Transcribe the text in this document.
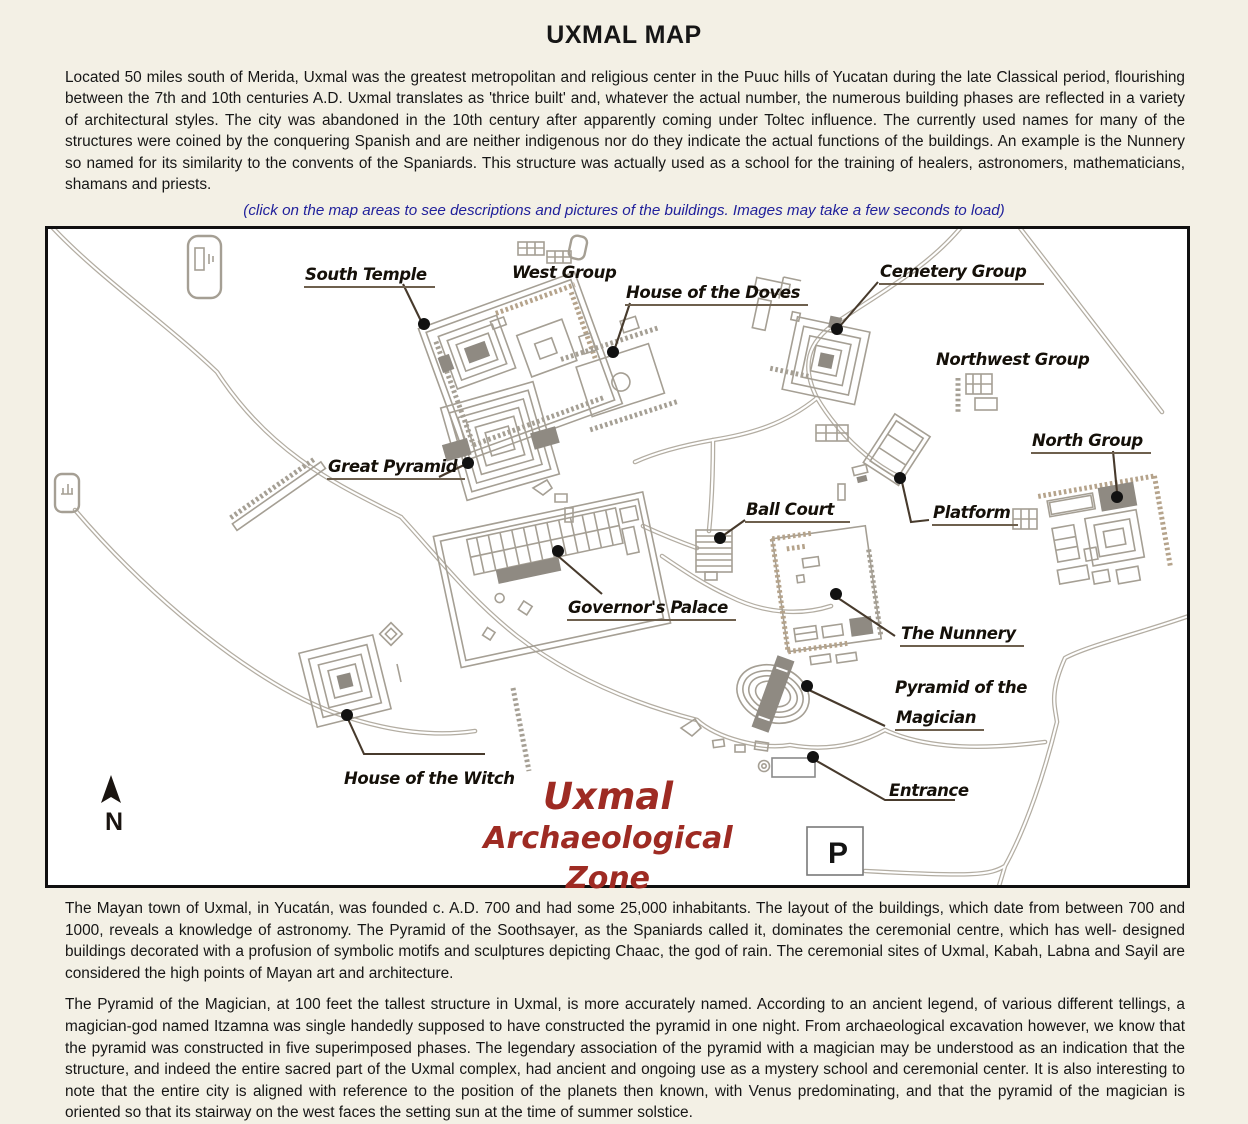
UXMAL MAP

Located 50 miles south of Merida, Uxmal was the greatest metropolitan and religious center in the Puuc hills of Yucatan during the late Classical period, flourishing between the 7th and 10th centuries A.D. Uxmal translates as 'thrice built' and, whatever the actual number, the numerous building phases are reflected in a variety of architectural styles. The city was abandoned in the 10th century after apparently coming under Toltec influence. The currently used names for many of the structures were coined by the conquering Spanish and are neither indigenous nor do they indicate the actual functions of the buildings. An example is the Nunnery so named for its similarity to the convents of the Spaniards. This structure was actually used as a school for the training of healers, astronomers, mathematicians, shamans and priests.

(click on the map areas to see descriptions and pictures of the buildings. Images may take a few seconds to load)
South Temple	West Group
House of the Doves
Cemetery Group
Northwest Group
North Group
Great Pyramid
Ball Court	Platform
Governor's Palace
The Nunnery
Pyramid of the
Magician
House of the Witch
Entrance
Uxmal
Archaeological Zone
P
N

The Mayan town of Uxmal, in Yucatán, was founded c. A.D. 700 and had some 25,000 inhabitants. The layout of the buildings, which date from between 700 and 1000, reveals a knowledge of astronomy. The Pyramid of the Soothsayer, as the Spaniards called it, dominates the ceremonial centre, which has well- designed buildings decorated with a profusion of symbolic motifs and sculptures depicting Chaac, the god of rain. The ceremonial sites of Uxmal, Kabah, Labna and Sayil are considered the high points of Mayan art and architecture.

The Pyramid of the Magician, at 100 feet the tallest structure in Uxmal, is more accurately named. According to an ancient legend, of various different tellings, a magician-god named Itzamna was single handedly supposed to have constructed the pyramid in one night. From archaeological excavation however, we know that the pyramid was constructed in five superimposed phases. The legendary association of the pyramid with a magician may be understood as an indication that the structure, and indeed the entire sacred part of the Uxmal complex, had ancient and ongoing use as a mystery school and ceremonial center. It is also interesting to note that the entire city is aligned with reference to the position of the planets then known, with Venus predominating, and that the pyramid of the magician is oriented so that its stairway on the west faces the setting sun at the time of summer solstice.
